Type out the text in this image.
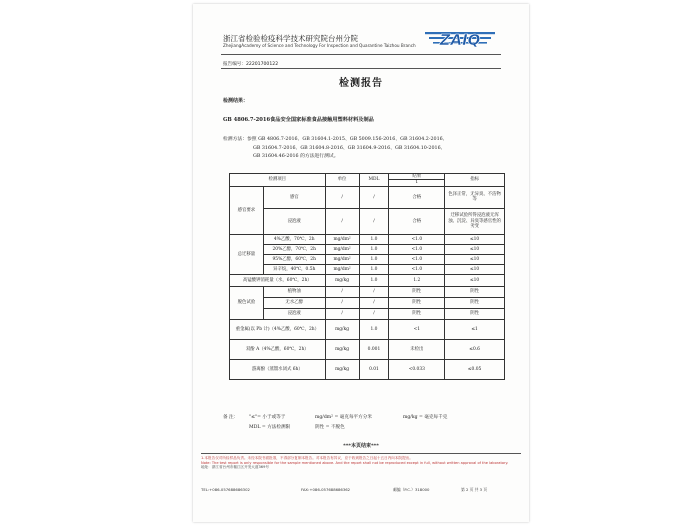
浙江省检验检疫科学技术研究院台州分院
ZhejiangAcademy of Science and Technology For Inspection and Quarantine Taizhou Branch ZAIQ
报告编号：22201700122
检测报告
检测结果：
GB 4806.7-2016食品安全国家标准食品接触用塑料材料及制品
检测方法：参照 GB 4806.7-2016、GB 31604.1-2015、GB 5009.156-2016、GB 31604.2-2016、
GB 31604.7-2016、GB 31604.8-2016、GB 31604.9-2016、GB 31604.10-2016、
GB 31604.46-2016 的方法进行测试。
检测项目		单位	MDL	结果	指标
				1	
感官要求	感官	/	/	合格	色泽正常，无异臭、不洁物等
	浸泡液	/	/	合格	迁移试验所得浸泡液无浑浊、沉淀、异臭等感官性的劣变
总迁移量	4%乙酸，70℃，2h	mg/dm²	1.0	<1.0	≤10
	20%乙醇，70℃，2h	mg/dm²	1.0	<1.0	≤10
	95%乙醇，60℃，2h	mg/dm²	1.0	<1.0	≤10
	异辛烷，40℃，0.5h	mg/dm²	1.0	<1.0	≤10
高锰酸钾消耗量（水，60℃，2h）		mg/kg	1.0	1.2	≤10
脱色试验	植物油	/	/	阴性	阴性
	无水乙醇	/	/	阴性	阴性
	浸泡液	/	/	阴性	阴性
重金属(以 Pb 计)（4%乙酸，60℃，2h）		mg/kg	1.0	<1	≤1
双酚 A（4%乙酸，60℃，2h）		mg/kg	0.001	未检出	≤0.6
游离酚（蒸馏水闭式 6h）		mg/kg	0.01	<0.033	≤0.05
备 注： "≤"= 小于或等于	mg/dm² = 毫克每平方分米	mg/kg = 毫克每千克
MDL = 方法检测限	阴性 = 不脱色
***本页结束***
1.本报告仅对所检样品负责。未经本院书面批准，不得部分复制本报告。对本报告有异议，应于收到报告之日起十五日内向本院提出。
Note: The test report is only responsible for the sample mentioned above. And the report shall not be reproduced except in full, without written approval of the laboratory.
地址：浙江省台州市椒江区开发大道369号
TEL:+086-057688686302	FAX:+086-057688686362	邮编（P.C.）318000	第 2 页 共 3 页
